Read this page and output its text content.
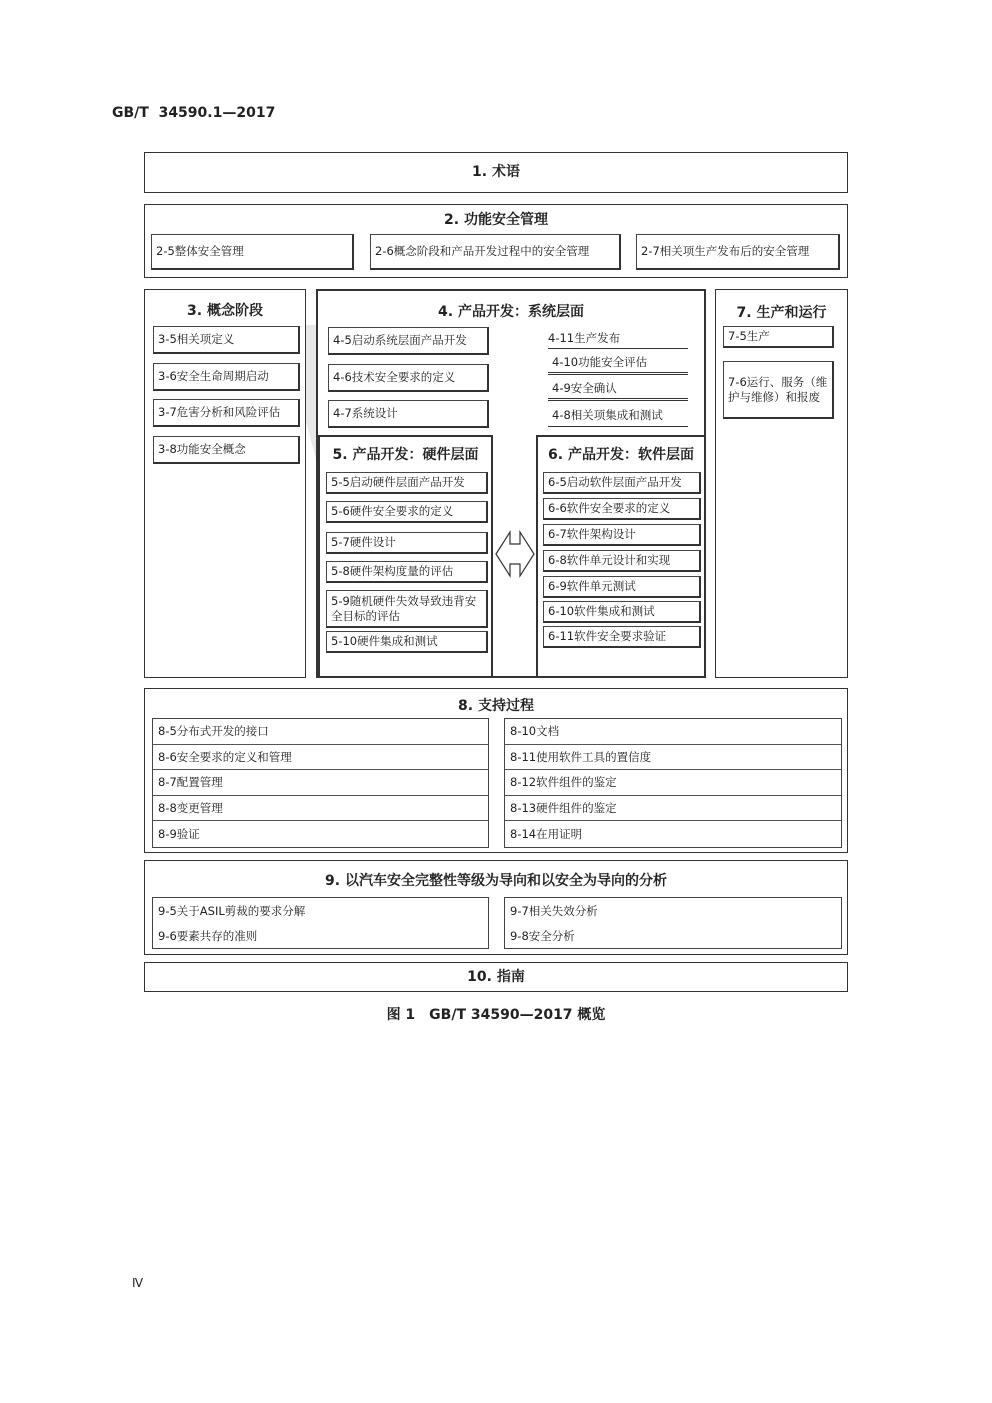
GB/T  34590.1—2017
1. 术语
2. 功能安全管理
2-5整体安全管理	2-6概念阶段和产品开发过程中的安全管理	2-7相关项生产发布后的安全管理
3. 概念阶段
3-5相关项定义
3-6安全生命周期启动
3-7危害分析和风险评估
3-8功能安全概念
4. 产品开发：系统层面
4-5启动系统层面产品开发
4-6技术安全要求的定义
4-7系统设计
4-11生产发布
4-10功能安全评估
4-9安全确认
4-8相关项集成和测试
5. 产品开发：硬件层面
5-5启动硬件层面产品开发
5-6硬件安全要求的定义
5-7硬件设计
5-8硬件架构度量的评估
5-9随机硬件失效导致违背安全目标的评估
5-10硬件集成和测试
6. 产品开发：软件层面
6-5启动软件层面产品开发
6-6软件安全要求的定义
6-7软件架构设计
6-8软件单元设计和实现
6-9软件单元测试
6-10软件集成和测试
6-11软件安全要求验证
7. 生产和运行
7-5生产
7-6运行、服务（维护与维修）和报废
8. 支持过程
8-5分布式开发的接口
8-6安全要求的定义和管理
8-7配置管理
8-8变更管理
8-9验证
8-10文档
8-11使用软件工具的置信度
8-12软件组件的鉴定
8-13硬件组件的鉴定
8-14在用证明
9. 以汽车安全完整性等级为导向和以安全为导向的分析
9-5关于ASIL剪裁的要求分解
9-6要素共存的准则
9-7相关失效分析
9-8安全分析
10. 指南
图 1　GB/T 34590—2017 概览
Ⅳ
